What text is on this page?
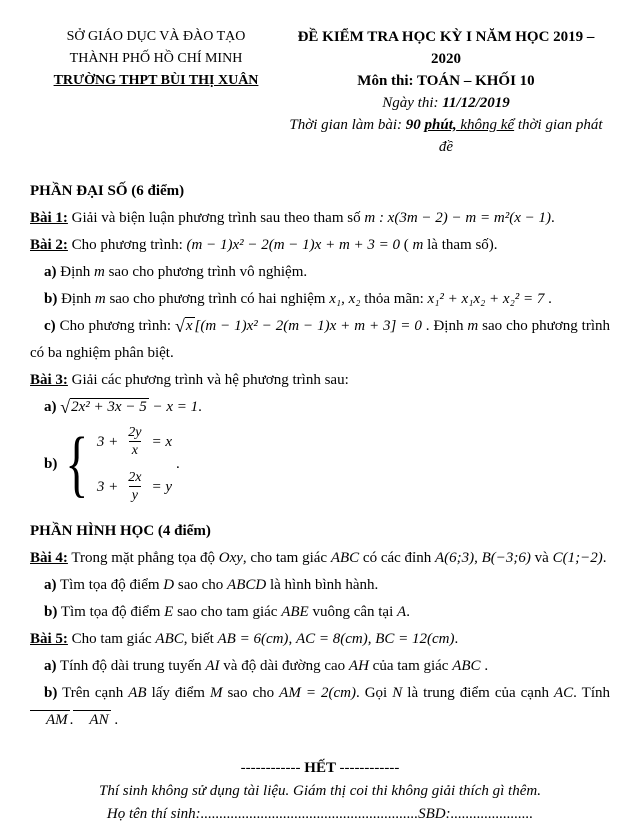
SỞ GIÁO DỤC VÀ ĐÀO TẠO
THÀNH PHỐ HỒ CHÍ MINH
TRƯỜNG THPT BÙI THỊ XUÂN
ĐỀ KIỂM TRA HỌC KỲ I NĂM HỌC 2019 – 2020
Môn thi: TOÁN – KHỐI 10
Ngày thi: 11/12/2019
Thời gian làm bài: 90 phút, không kể thời gian phát đề

PHẦN ĐẠI SỐ (6 điểm)

Bài 1: Giải và biện luận phương trình sau theo tham số m : x(3m − 2) − m = m²(x − 1).

Bài 2: Cho phương trình: (m − 1)x² − 2(m − 1)x + m + 3 = 0 ( m là tham số).

a) Định m sao cho phương trình vô nghiệm.

b) Định m sao cho phương trình có hai nghiệm x₁, x₂ thỏa mãn: x₁² + x₁x₂ + x₂² = 7 .

c) Cho phương trình: √x [(m − 1)x² − 2(m − 1)x + m + 3] = 0 . Định m sao cho phương trình có ba nghiệm phân biệt.

Bài 3: Giải các phương trình và hệ phương trình sau:

a) √2x² + 3x − 5 − x = 1.

b) { $3 + \frac{2y}{x} = x$
$3 + \frac{2x}{y} = y$
.

PHẦN HÌNH HỌC (4 điểm)

Bài 4: Trong mặt phẳng tọa độ Oxy, cho tam giác ABC có các đỉnh A(6;3), B(−3;6) và C(1;−2).

a) Tìm tọa độ điểm D sao cho ABCD là hình bình hành.

b) Tìm tọa độ điểm E sao cho tam giác ABE vuông cân tại A.

Bài 5: Cho tam giác ABC, biết AB = 6(cm), AC = 8(cm), BC = 12(cm).

a) Tính độ dài trung tuyến AI và độ dài đường cao AH của tam giác ABC .

b) Trên cạnh AB lấy điểm M sao cho AM = 2(cm). Gọi N là trung điểm của cạnh AC. Tính AM . AN .

------------ HẾT ------------

Thí sinh không sử dụng tài liệu. Giám thị coi thi không giải thích gì thêm.

Họ tên thí sinh:..........................................................SBD:......................
